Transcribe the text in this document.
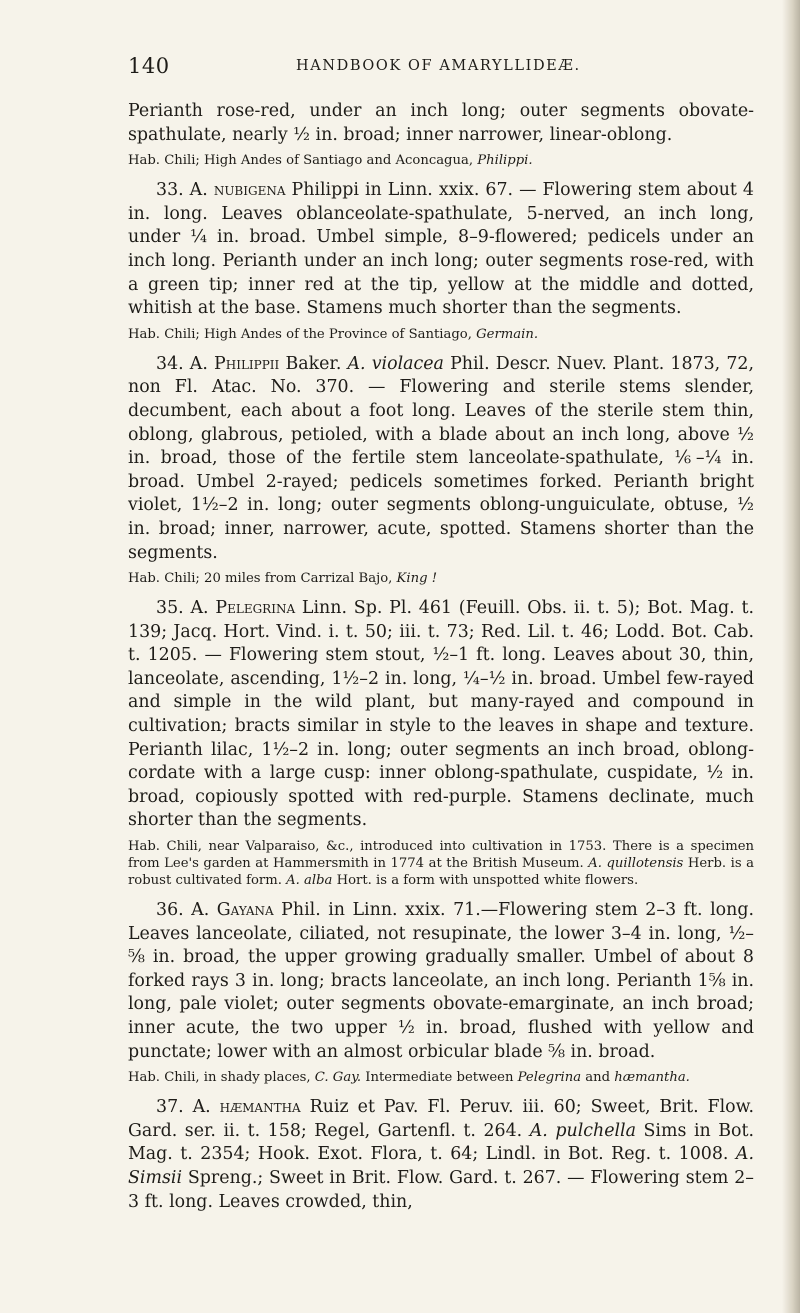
140	HANDBOOK OF AMARYLLIDEÆ.

Perianth rose-red, under an inch long; outer segments obovate-spathulate, nearly ½ in. broad; inner narrower, linear-oblong.

Hab. Chili; High Andes of Santiago and Aconcagua, Philippi.

33. A. nubigena Philippi in Linn. xxix. 67. — Flowering stem about 4 in. long. Leaves oblanceolate-spathulate, 5-nerved, an inch long, under ¼ in. broad. Umbel simple, 8–9-flowered; pedicels under an inch long. Perianth under an inch long; outer segments rose-red, with a green tip; inner red at the tip, yellow at the middle and dotted, whitish at the base. Stamens much shorter than the segments.

Hab. Chili; High Andes of the Province of Santiago, Germain.

34. A. Philippii Baker. A. violacea Phil. Descr. Nuev. Plant. 1873, 72, non Fl. Atac. No. 370. — Flowering and sterile stems slender, decumbent, each about a foot long. Leaves of the sterile stem thin, oblong, glabrous, petioled, with a blade about an inch long, above ½ in. broad, those of the fertile stem lanceolate-spathulate, ⅙–¼ in. broad. Umbel 2-rayed; pedicels sometimes forked. Perianth bright violet, 1½–2 in. long; outer segments oblong-unguiculate, obtuse, ½ in. broad; inner, narrower, acute, spotted. Stamens shorter than the segments.

Hab. Chili; 20 miles from Carrizal Bajo, King !

35. A. Pelegrina Linn. Sp. Pl. 461 (Feuill. Obs. ii. t. 5); Bot. Mag. t. 139; Jacq. Hort. Vind. i. t. 50; iii. t. 73; Red. Lil. t. 46; Lodd. Bot. Cab. t. 1205. — Flowering stem stout, ½–1 ft. long. Leaves about 30, thin, lanceolate, ascending, 1½–2 in. long, ¼–½ in. broad. Umbel few-rayed and simple in the wild plant, but many-rayed and compound in cultivation; bracts similar in style to the leaves in shape and texture. Perianth lilac, 1½–2 in. long; outer segments an inch broad, oblong-cordate with a large cusp: inner oblong-spathulate, cuspidate, ½ in. broad, copiously spotted with red-purple. Stamens declinate, much shorter than the segments.

Hab. Chili, near Valparaiso, &c., introduced into cultivation in 1753. There is a specimen from Lee's garden at Hammersmith in 1774 at the British Museum. A. quillotensis Herb. is a robust cultivated form. A. alba Hort. is a form with unspotted white flowers.

36. A. Gayana Phil. in Linn. xxix. 71.—Flowering stem 2–3 ft. long. Leaves lanceolate, ciliated, not resupinate, the lower 3–4 in. long, ½–⅝ in. broad, the upper growing gradually smaller. Umbel of about 8 forked rays 3 in. long; bracts lanceolate, an inch long. Perianth 1⅝ in. long, pale violet; outer segments obovate-emarginate, an inch broad; inner acute, the two upper ½ in. broad, flushed with yellow and punctate; lower with an almost orbicular blade ⅝ in. broad.

Hab. Chili, in shady places, C. Gay. Intermediate between Pelegrina and hæmantha.

37. A. hæmantha Ruiz et Pav. Fl. Peruv. iii. 60; Sweet, Brit. Flow. Gard. ser. ii. t. 158; Regel, Gartenfl. t. 264. A. pulchella Sims in Bot. Mag. t. 2354; Hook. Exot. Flora, t. 64; Lindl. in Bot. Reg. t. 1008. A. Simsii Spreng.; Sweet in Brit. Flow. Gard. t. 267. — Flowering stem 2–3 ft. long. Leaves crowded, thin,
